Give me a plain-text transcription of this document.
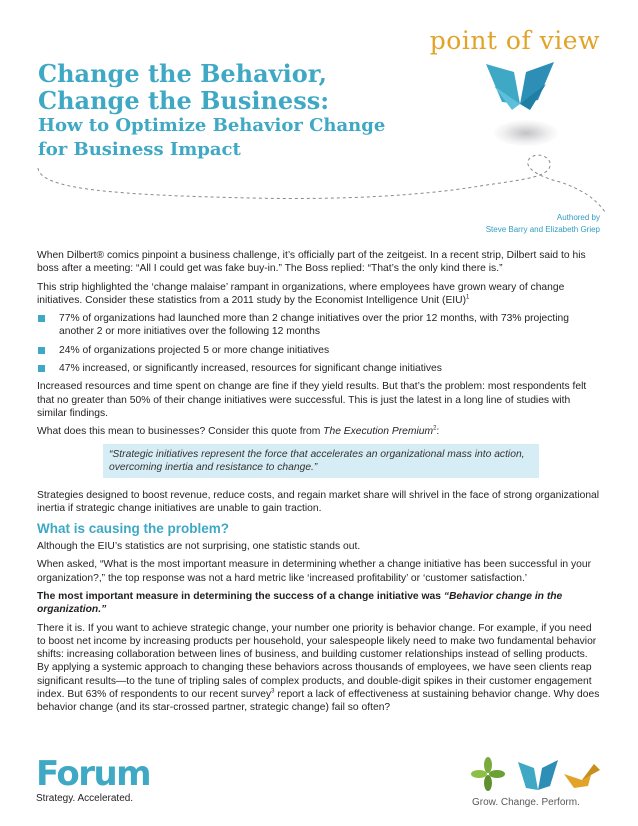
point of view
Change the Behavior,
Change the Business:
How to Optimize Behavior Change
for Business Impact
Authored by
Steve Barry and Elizabeth Griep

When Dilbert® comics pinpoint a business challenge, it’s officially part of the zeitgeist. In a recent strip, Dilbert said to his boss after a meeting: “All I could get was fake buy-in.” The Boss replied: “That’s the only kind there is.”

This strip highlighted the ‘change malaise’ rampant in organizations, where employees have grown weary of change initiatives. Consider these statistics from a 2011 study by the Economist Intelligence Unit (EIU)$^1$

77% of organizations had launched more than 2 change initiatives over the prior 12 months, with 73% projecting another 2 or more initiatives over the following 12 months
24% of organizations projected 5 or more change initiatives
47% increased, or significantly increased, resources for significant change initiatives

Increased resources and time spent on change are fine if they yield results. But that’s the problem: most respondents felt that no greater than 50% of their change initiatives were successful. This is just the latest in a long line of studies with similar findings.

What does this mean to businesses? Consider this quote from The Execution Premium$^2$:

“Strategic initiatives represent the force that accelerates an organizational mass into action, overcoming inertia and resistance to change.”

Strategies designed to boost revenue, reduce costs, and regain market share will shrivel in the face of strong organizational inertia if strategic change initiatives are unable to gain traction.

What is causing the problem?

Although the EIU’s statistics are not surprising, one statistic stands out.

When asked, “What is the most important measure in determining whether a change initiative has been successful in your organization?,” the top response was not a hard metric like ‘increased profitability’ or ‘customer satisfaction.’

The most important measure in determining the success of a change initiative was “Behavior change in the organization.”

There it is. If you want to achieve strategic change, your number one priority is behavior change. For example, if you need to boost net income by increasing products per household, your salespeople likely need to make two fundamental behavior shifts: increasing collaboration between lines of business, and building customer relationships instead of selling products. By applying a systemic approach to changing these behaviors across thousands of employees, we have seen clients reap significant results—to the tune of tripling sales of complex products, and double-digit spikes in their customer engagement index. But 63% of respondents to our recent survey$^3$ report a lack of effectiveness at sustaining behavior change. Why does behavior change (and its star-crossed partner, strategic change) fail so often?

Forum
Strategy. Accelerated.	Grow. Change. Perform.
